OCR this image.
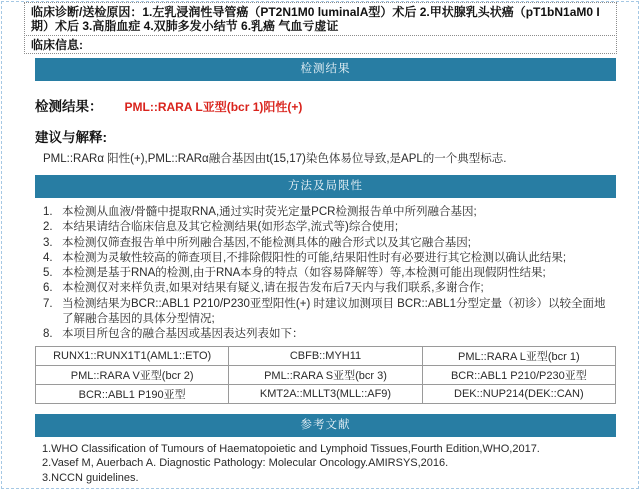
临床诊断/送检原因：1.左乳浸润性导管癌（PT2N1M0 luminalA型）术后 2.甲状腺乳头状癌（pT1bN1aM0 I期）术后 3.高脂血症 4.双肺多发小结节 6.乳癌 气血亏虚证
临床信息:
检测结果
检测结果： PML::RARA L亚型(bcr 1)阳性(+)
建议与解释:
PML::RARα 阳性(+),PML::RARα融合基因由t(15,17)染色体易位导致,是APL的一个典型标志.
方法及局限性
1. 本检测从血液/骨髓中提取RNA,通过实时荧光定量PCR检测报告单中所列融合基因;
2. 本结果请结合临床信息及其它检测结果(如形态学,流式等)综合使用;
3. 本检测仅筛查报告单中所列融合基因,不能检测具体的融合形式以及其它融合基因;
4. 本检测为灵敏性较高的筛查项目,不排除假阳性的可能,结果阳性时有必要进行其它检测以确认此结果;
5. 本检测是基于RNA的检测,由于RNA本身的特点（如容易降解等）等,本检测可能出现假阴性结果;
6. 本检测仅对来样负责,如果对结果有疑义,请在报告发布后7天内与我们联系,多谢合作;
7. 当检测结果为BCR::ABL1 P210/P230亚型阳性(+) 时建议加测项目 BCR::ABL1分型定量（初诊）以较全面地了解融合基因的具体分型情况;
8. 本项目所包含的融合基因或基因表达列表如下：
RUNX1::RUNX1T1(AML1::ETO)	CBFB::MYH11	PML::RARA L亚型(bcr 1)
PML::RARA V亚型(bcr 2)	PML::RARA S亚型(bcr 3)	BCR::ABL1 P210/P230亚型
BCR::ABL1 P190亚型	KMT2A::MLLT3(MLL::AF9)	DEK::NUP214(DEK::CAN)
参考文献
1.WHO Classification of Tumours of Haematopoietic and Lymphoid Tissues,Fourth Edition,WHO,2017.
2.Vasef M, Auerbach A. Diagnostic Pathology: Molecular Oncology.AMIRSYS,2016.
3.NCCN guidelines.
